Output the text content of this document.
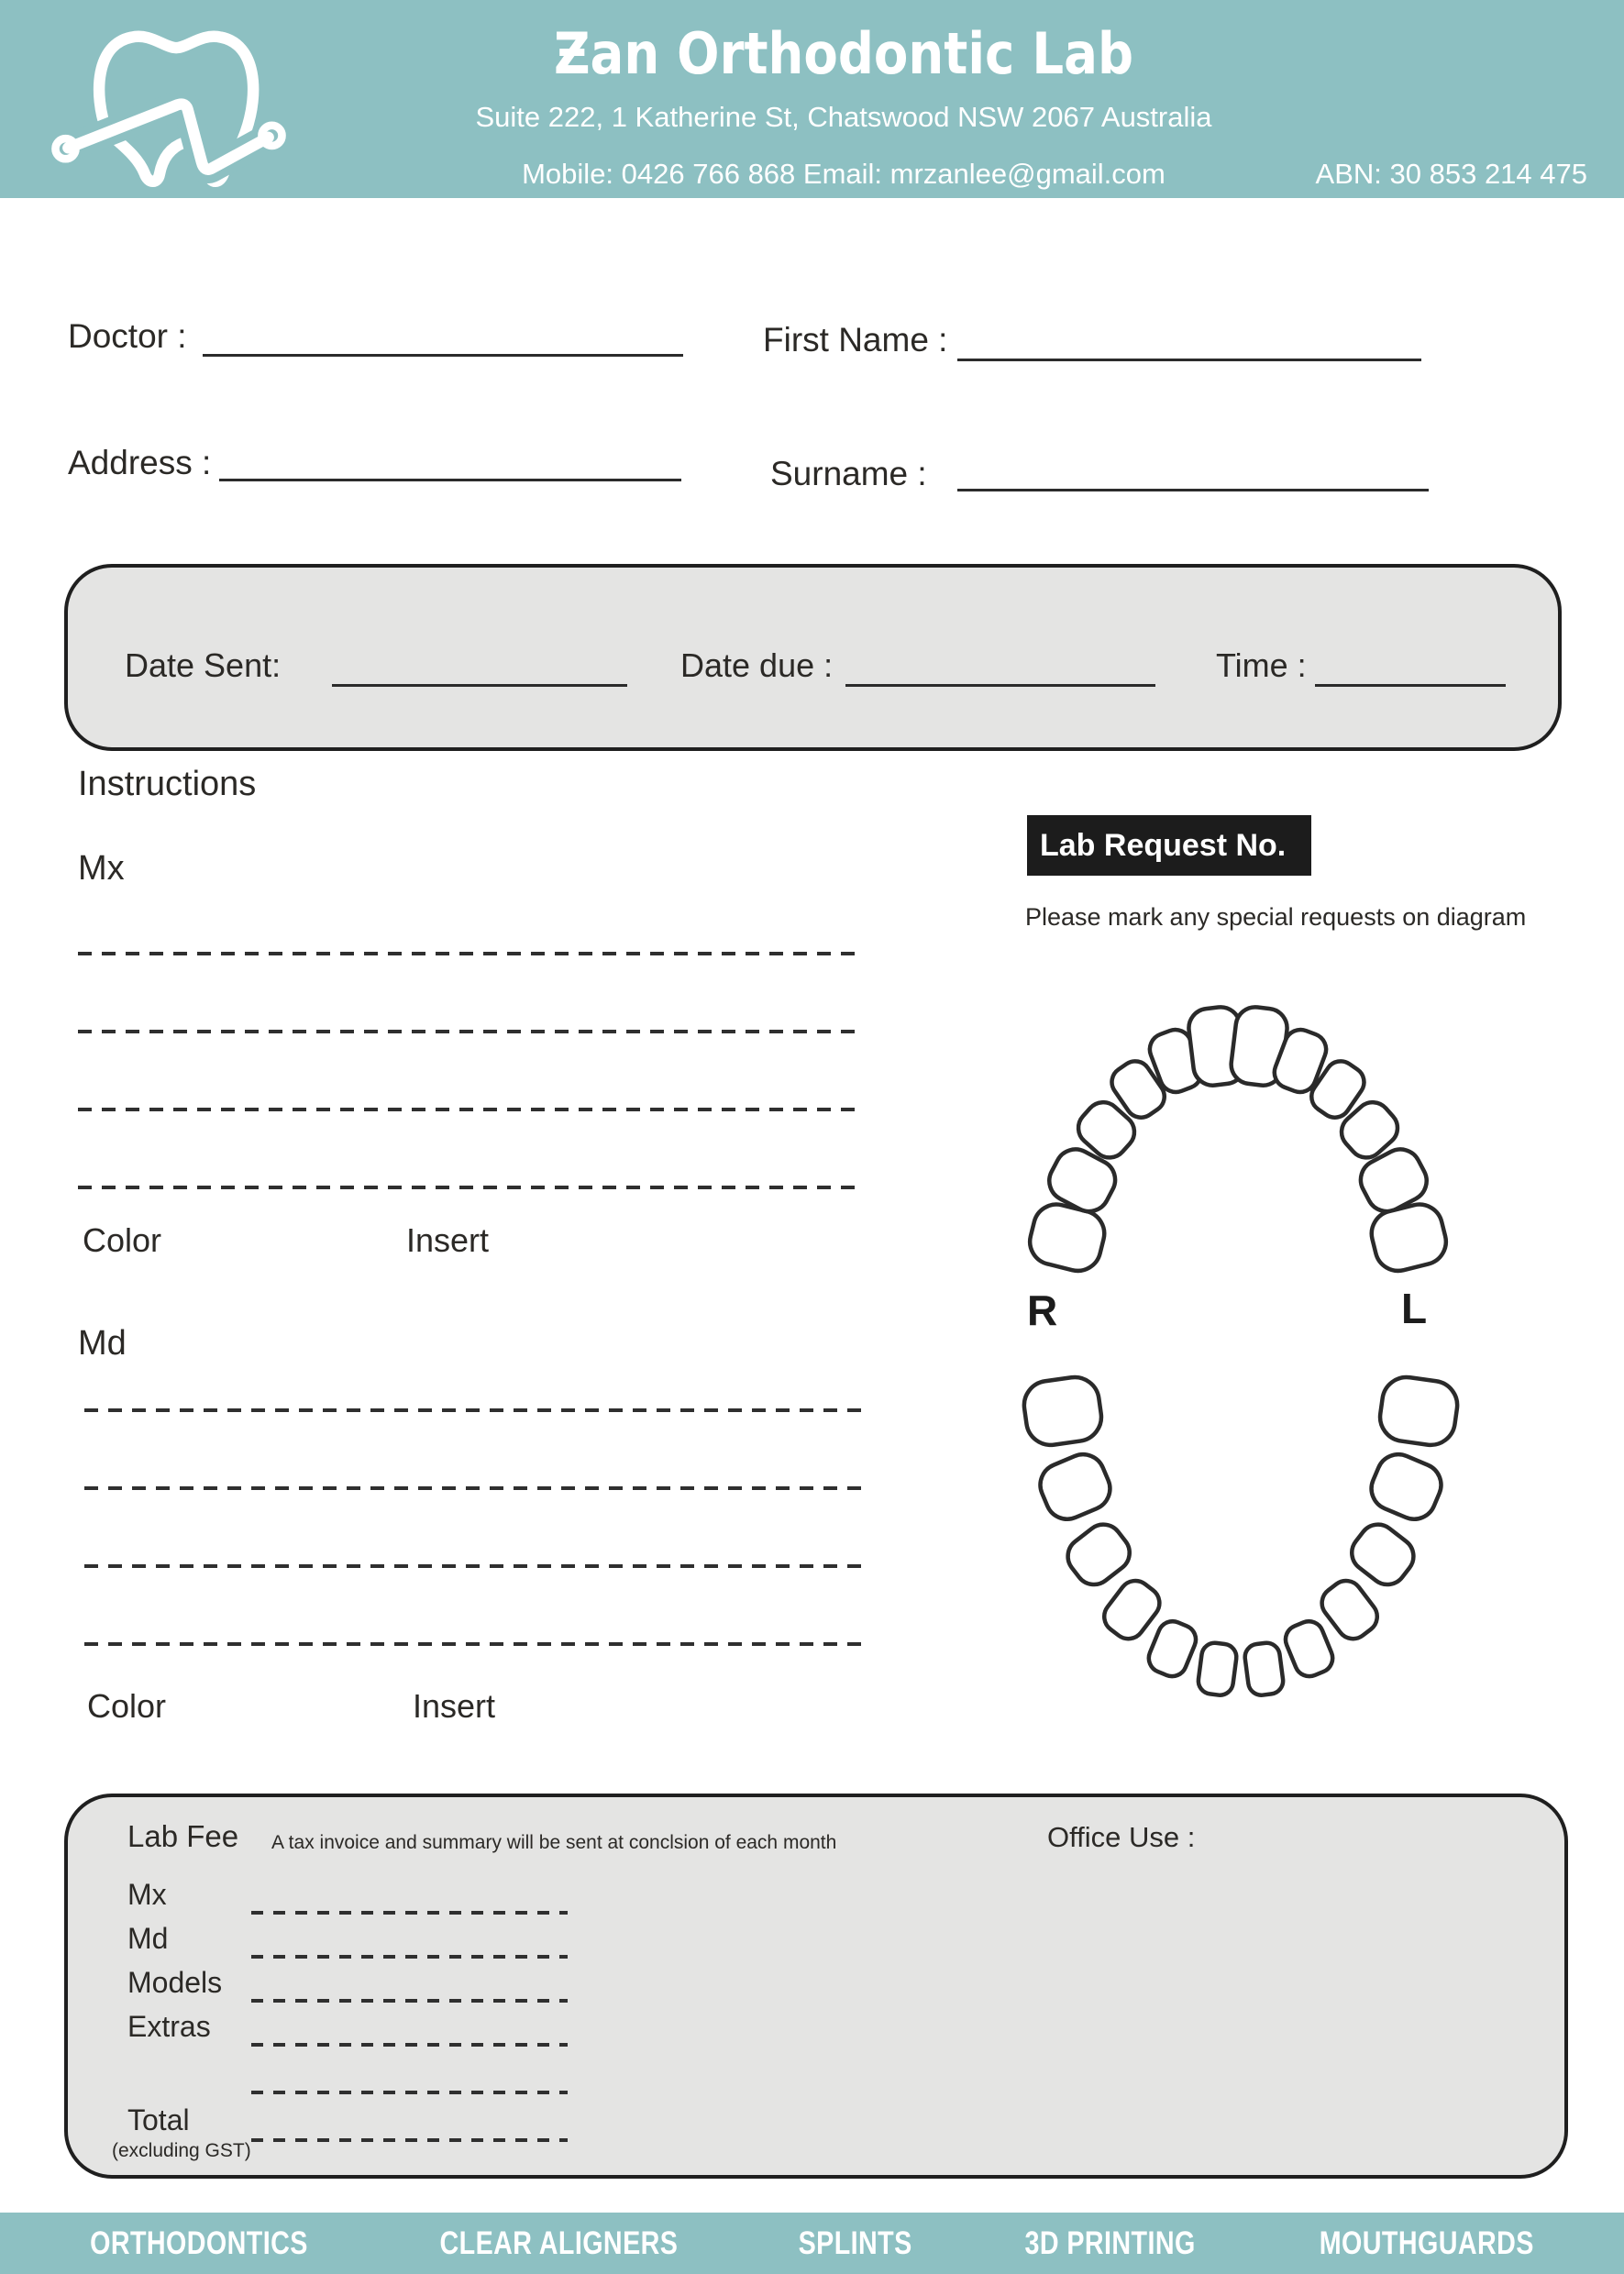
Ƶan Orthodontic Lab
Suite 222, 1 Katherine St, Chatswood NSW 2067 Australia
Mobile: 0426 766 868 Email: mrzanlee@gmail.com	ABN: 30 853 214 475
Doctor :	First Name :
Address :	Surname :
Date Sent:	Date due :	Time :
Instructions
Mx
Color	Insert
Md
Color	Insert
Lab Request No.
Please mark any special requests on diagram
R	L
Lab Fee A tax invoice and summary will be sent at conclsion of each month	Office Use :
Mx
Md
Models
Extras
Total
(excluding GST)
ORTHODONTICS	CLEAR ALIGNERS	SPLINTS	3D PRINTING	MOUTHGUARDS
